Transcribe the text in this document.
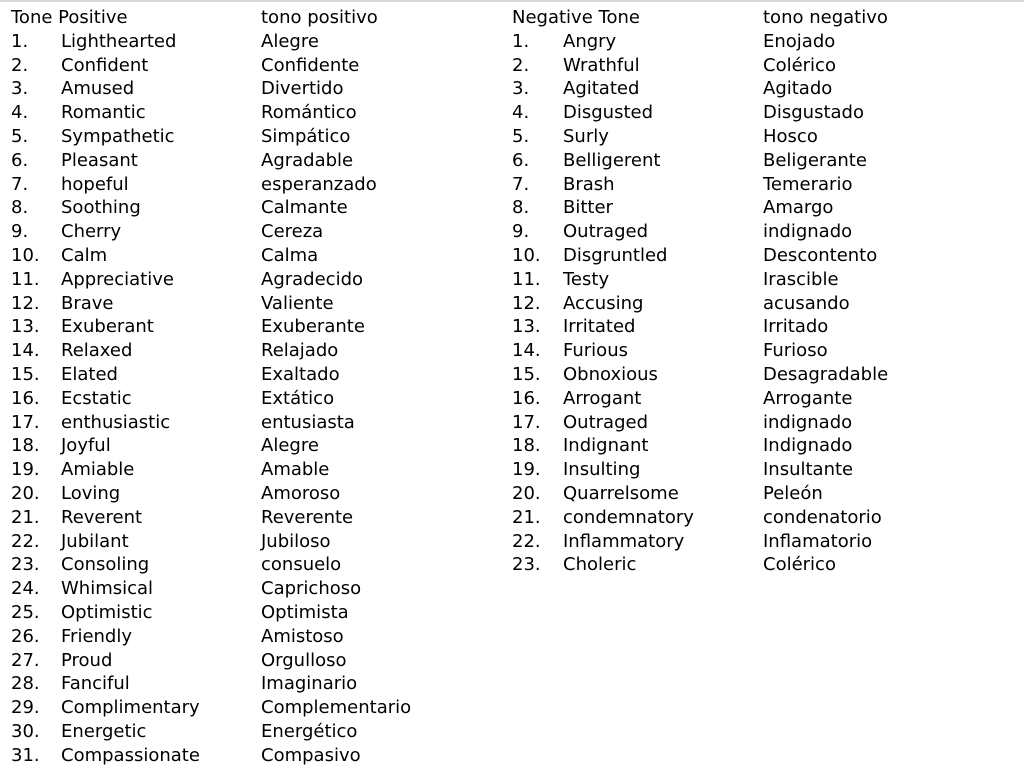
Tone Positive	tono positivo
1. Lighthearted	Alegre
2. Confident	Confidente
3. Amused	Divertido
4. Romantic	Romántico
5. Sympathetic	Simpático
6. Pleasant	Agradable
7. hopeful	esperanzado
8. Soothing	Calmante
9. Cherry	Cereza
10. Calm	Calma
11. Appreciative	Agradecido
12. Brave	Valiente
13. Exuberant	Exuberante
14. Relaxed	Relajado
15. Elated	Exaltado
16. Ecstatic	Extático
17. enthusiastic	entusiasta
18. Joyful	Alegre
19. Amiable	Amable
20. Loving	Amoroso
21. Reverent	Reverente
22. Jubilant	Jubiloso
23. Consoling	consuelo
24. Whimsical	Caprichoso
25. Optimistic	Optimista
26. Friendly	Amistoso
27. Proud	Orgulloso
28. Fanciful	Imaginario
29. Complimentary	Complementario
30. Energetic	Energético
31. Compassionate	Compasivo
Negative Tone	tono negativo
1. Angry	Enojado
2. Wrathful	Colérico
3. Agitated	Agitado
4. Disgusted	Disgustado
5. Surly	Hosco
6. Belligerent	Beligerante
7. Brash	Temerario
8. Bitter	Amargo
9. Outraged	indignado
10. Disgruntled	Descontento
11. Testy	Irascible
12. Accusing	acusando
13. Irritated	Irritado
14. Furious	Furioso
15. Obnoxious	Desagradable
16. Arrogant	Arrogante
17. Outraged	indignado
18. Indignant	Indignado
19. Insulting	Insultante
20. Quarrelsome	Peleón
21. condemnatory	condenatorio
22. Inflammatory	Inflamatorio
23. Choleric	Colérico
